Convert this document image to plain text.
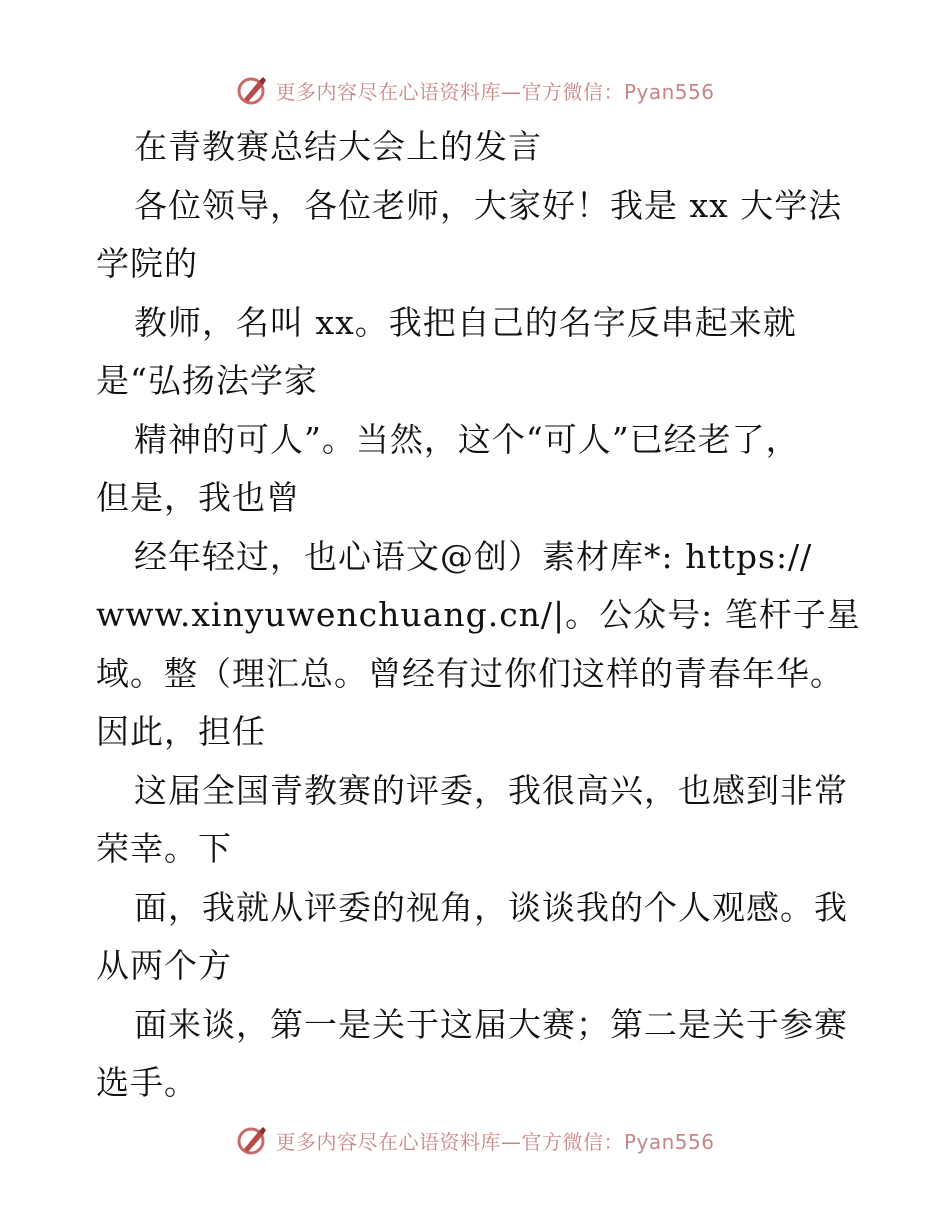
更多内容尽在心语资料库—官方微信：Pyan556
在青教赛总结大会上的发言
各位领导，各位老师，大家好！我是 xx 大学法
学院的
教师，名叫 xx。我把自己的名字反串起来就
是“弘扬法学家
精神的可人”。当然，这个“可人”已经老了，
但是，我也曾
经年轻过，也心语文@创）素材库*: https://
www.xinyuwenchuang.cn/|。公众号: 笔杆子星
域。整（理汇总。曾经有过你们这样的青春年华。
因此，担任
这届全国青教赛的评委，我很高兴，也感到非常
荣幸。下
面，我就从评委的视角，谈谈我的个人观感。我
从两个方
面来谈，第一是关于这届大赛；第二是关于参赛
选手。
更多内容尽在心语资料库—官方微信：Pyan556
